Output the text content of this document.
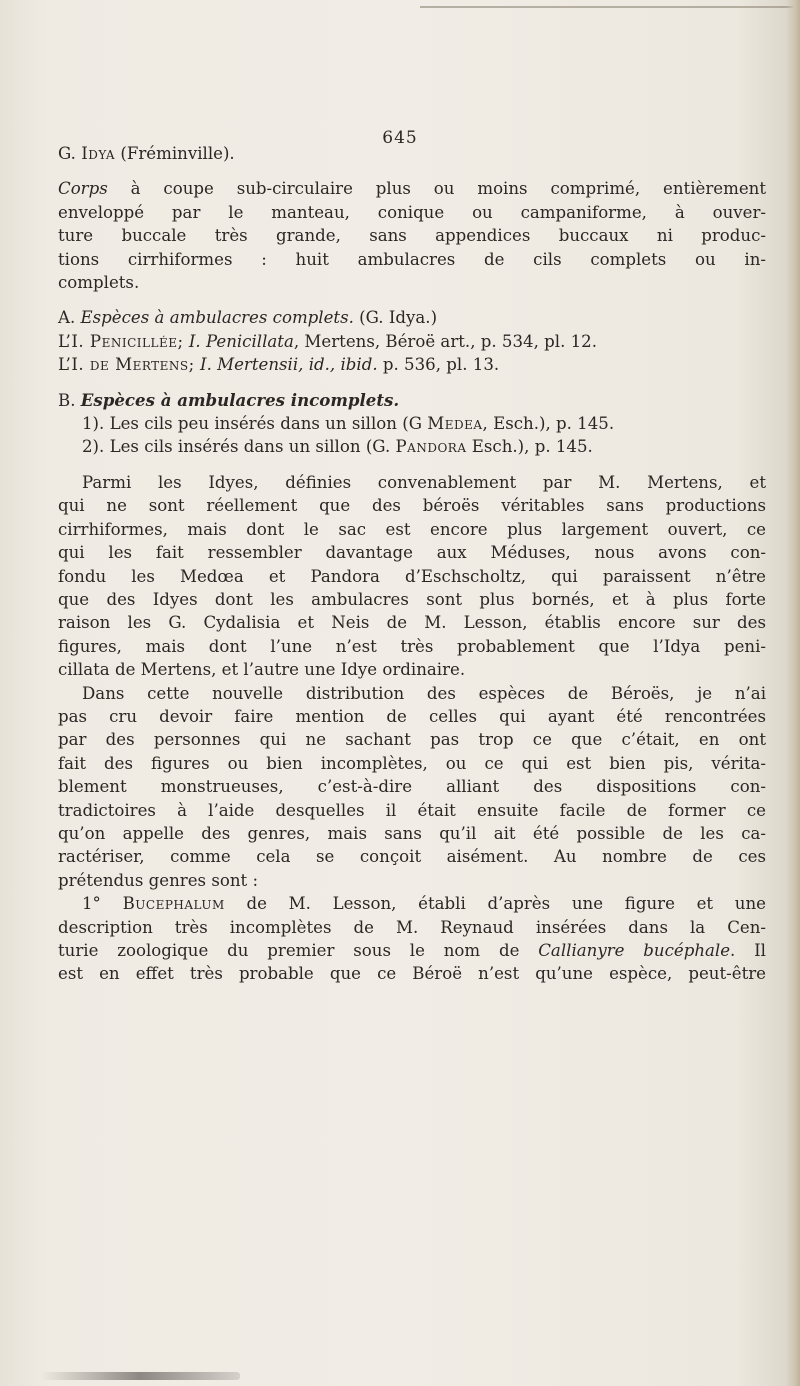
645
G. Idya (Fréminville).
Corps à coupe sub-circulaire plus ou moins comprimé, entièrement
enveloppé par le manteau, conique ou campaniforme, à ouver-
ture buccale très grande, sans appendices buccaux ni produc-
tions cirrhiformes : huit ambulacres de cils complets ou in-
complets.
A. Espèces à ambulacres complets. (G. Idya.)
L’I. Penicillée; I. Penicillata, Mertens, Béroë art., p. 534, pl. 12.
L’I. de Mertens; I. Mertensii, id., ibid. p. 536, pl. 13.
B. Espèces à ambulacres incomplets.
1). Les cils peu insérés dans un sillon (G Medea, Esch.), p. 145.
2). Les cils insérés dans un sillon (G. Pandora Esch.), p. 145.
Parmi les Idyes, définies convenablement par M. Mertens, et
qui ne sont réellement que des béroës véritables sans productions
cirrhiformes, mais dont le sac est encore plus largement ouvert, ce
qui les fait ressembler davantage aux Méduses, nous avons con-
fondu les Medœa et Pandora d’Eschscholtz, qui paraissent n’être
que des Idyes dont les ambulacres sont plus bornés, et à plus forte
raison les G. Cydalisia et Neis de M. Lesson, établis encore sur des
figures, mais dont l’une n’est très probablement que l’Idya peni-
cillata de Mertens, et l’autre une Idye ordinaire.
Dans cette nouvelle distribution des espèces de Béroës, je n’ai
pas cru devoir faire mention de celles qui ayant été rencontrées
par des personnes qui ne sachant pas trop ce que c’était, en ont
fait des figures ou bien incomplètes, ou ce qui est bien pis, vérita-
blement monstrueuses, c’est-à-dire alliant des dispositions con-
tradictoires à l’aide desquelles il était ensuite facile de former ce
qu’on appelle des genres, mais sans qu’il ait été possible de les ca-
ractériser, comme cela se conçoit aisément. Au nombre de ces
prétendus genres sont :
1° Bucephalum de M. Lesson, établi d’après une figure et une
description très incomplètes de M. Reynaud insérées dans la Cen-
turie zoologique du premier sous le nom de Callianyre bucéphale. Il
est en effet très probable que ce Béroë n’est qu’une espèce, peut-être
